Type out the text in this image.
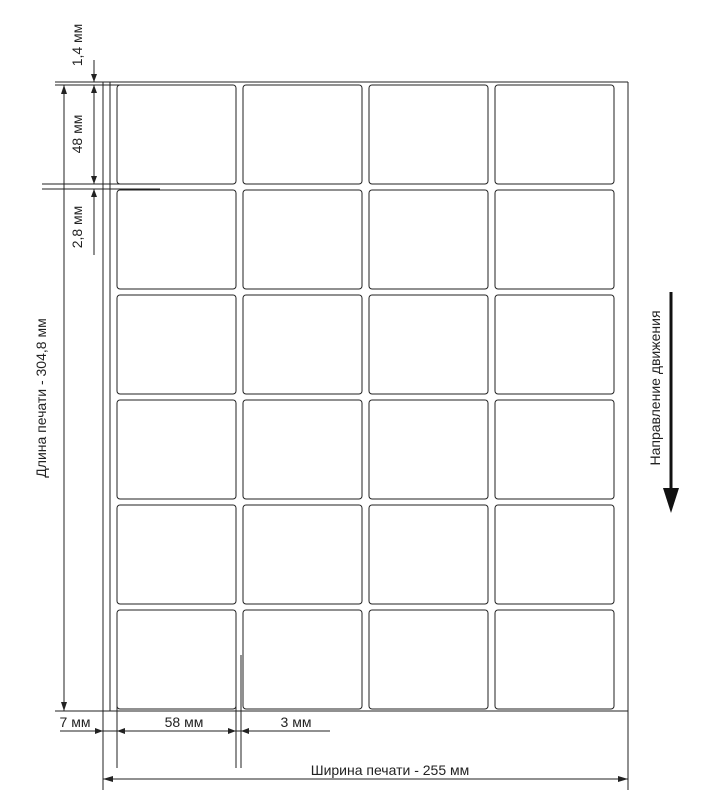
1,4 мм
48 мм
2,8 мм
Длина печати - 304,8 мм
7 мм	58 мм	3 мм
Ширина печати - 255 мм
Направление движения
